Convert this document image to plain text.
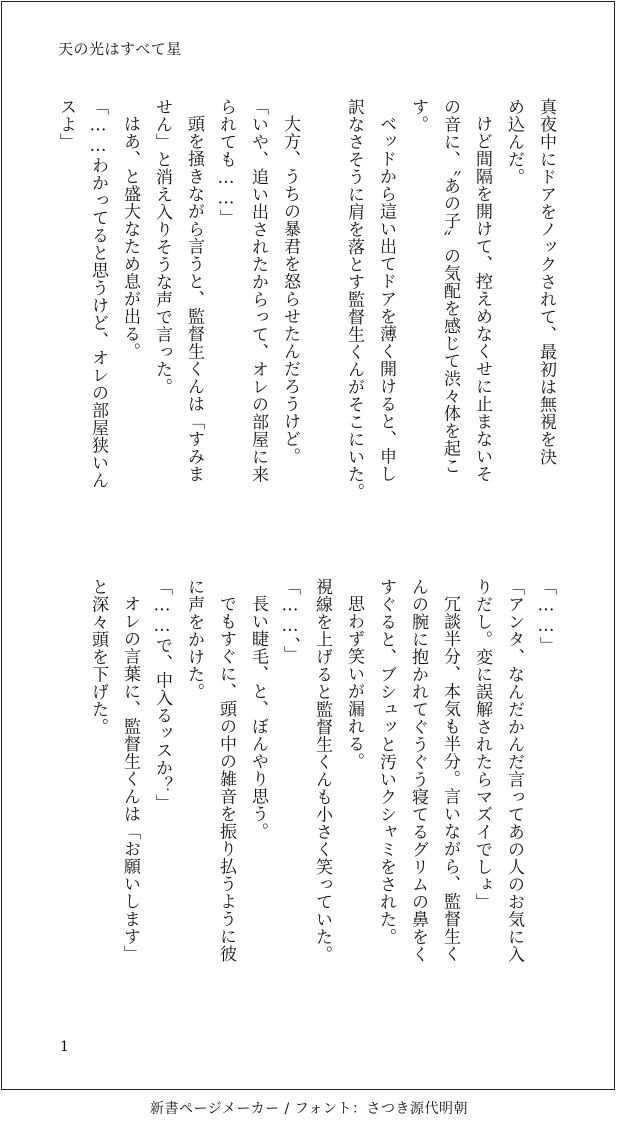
天の光はすべて星
真夜中にドアをノックされて、最初は無視を決
め込んだ。
けど間隔を開けて、控えめなくせに止まないそ
の音に、〝あの子〟の気配を感じて渋々体を起こ
す。
ベッドから這い出てドアを薄く開けると、申し
訳なさそうに肩を落とす監督生くんがそこにいた。

大方、うちの暴君を怒らせたんだろうけど。
「いや、追い出されたからって、オレの部屋に来
られても……」
頭を掻きながら言うと、監督生くんは「すみま
せん」と消え入りそうな声で言った。
はあ、と盛大なため息が出る。
「……わかってると思うけど、オレの部屋狭いん
スよ」
「……」
「アンタ、なんだかんだ言ってあの人のお気に入
りだし。変に誤解されたらマズイでしょ」
冗談半分、本気も半分。言いながら、監督生く
んの腕に抱かれてぐうぐう寝てるグリムの鼻をく
すぐると、ブシュッと汚いクシャミをされた。
思わず笑いが漏れる。
視線を上げると監督生くんも小さく笑っていた。
「……、」
長い睫毛、と、ぼんやり思う。
でもすぐに、頭の中の雑音を振り払うように彼
に声をかけた。
「……で、中入るッスか？」
オレの言葉に、監督生くんは「お願いします」
と深々頭を下げた。
1
新書ページメーカー / フォント：さつき源代明朝
